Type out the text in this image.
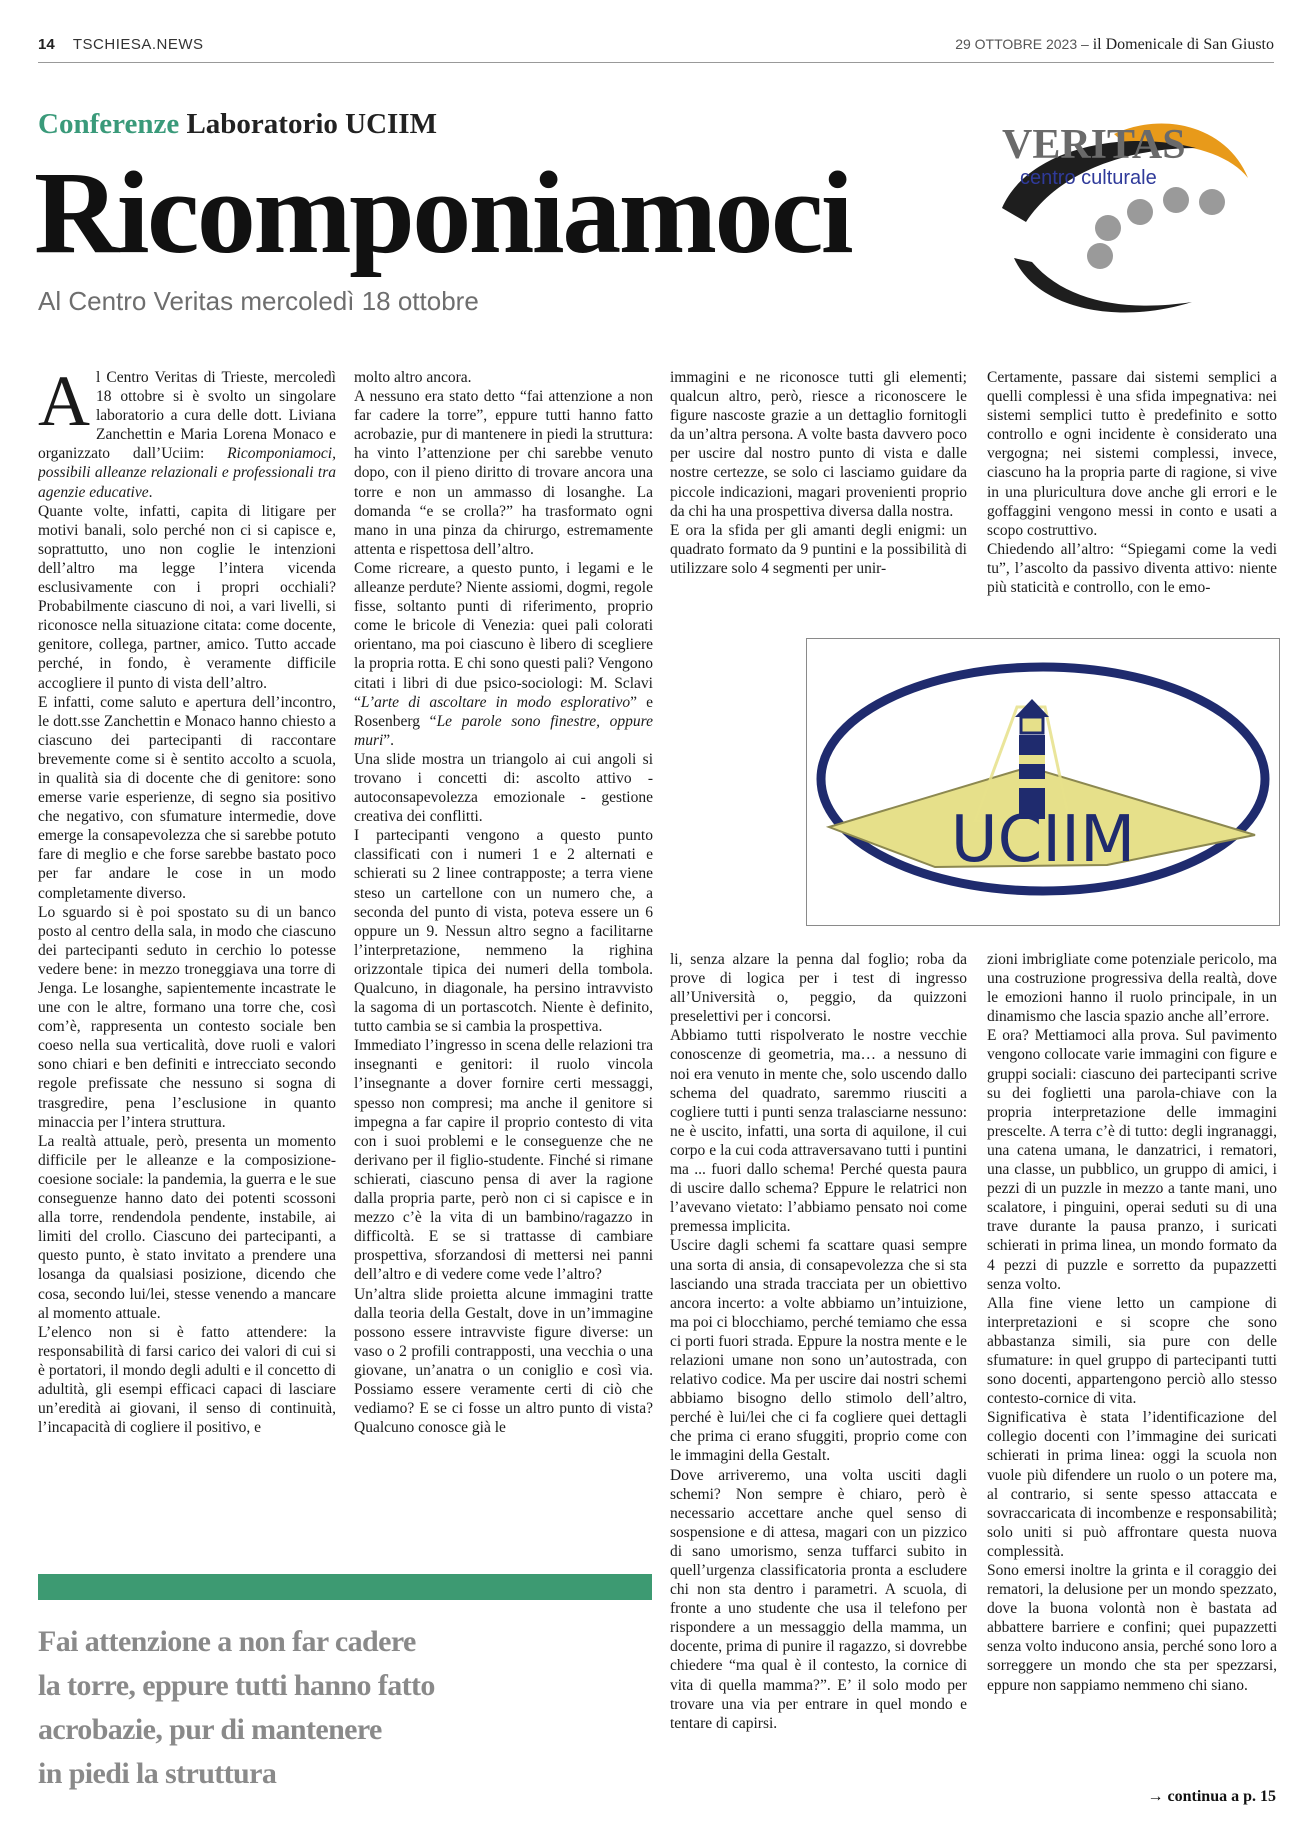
14 TSCHIESA.NEWS	29 OTTOBRE 2023 – il Domenicale di San Giusto
Conferenze Laboratorio UCIIM
Ricomponiamoci
Al Centro Veritas mercoledì 18 ottobre
VERITAS
centro culturale

Al Centro Veritas di Trieste, mercoledì 18 ottobre si è svolto un singolare laboratorio a cura delle dott. Liviana Zanchettin e Maria Lorena Monaco e organizzato dall’Uciim: Ricomponiamoci, possibili alleanze relazionali e professionali tra agenzie educative.

Quante volte, infatti, capita di litigare per motivi banali, solo perché non ci si capisce e, soprattutto, uno non coglie le intenzioni dell’altro ma legge l’intera vicenda esclusivamente con i propri occhiali? Probabilmente ciascuno di noi, a vari livelli, si riconosce nella situazione citata: come docente, genitore, collega, partner, amico. Tutto accade perché, in fondo, è veramente difficile accogliere il punto di vista dell’altro.

E infatti, come saluto e apertura dell’incontro, le dott.sse Zanchettin e Monaco hanno chiesto a ciascuno dei partecipanti di raccontare brevemente come si è sentito accolto a scuola, in qualità sia di docente che di genitore: sono emerse varie esperienze, di segno sia positivo che negativo, con sfumature intermedie, dove emerge la consapevolezza che si sarebbe potuto fare di meglio e che forse sarebbe bastato poco per far andare le cose in un modo completamente diverso.

Lo sguardo si è poi spostato su di un banco posto al centro della sala, in modo che ciascuno dei partecipanti seduto in cerchio lo potesse vedere bene: in mezzo troneggiava una torre di Jenga. Le losanghe, sapientemente incastrate le une con le altre, formano una torre che, così com’è, rappresenta un contesto sociale ben coeso nella sua verticalità, dove ruoli e valori sono chiari e ben definiti e intrecciato secondo regole prefissate che nessuno si sogna di trasgredire, pena l’esclusione in quanto minaccia per l’intera struttura.

La realtà attuale, però, presenta un momento difficile per le alleanze e la composizione-coesione sociale: la pandemia, la guerra e le sue conseguenze hanno dato dei potenti scossoni alla torre, rendendola pendente, instabile, ai limiti del crollo. Ciascuno dei partecipanti, a questo punto, è stato invitato a prendere una losanga da qualsiasi posizione, dicendo che cosa, secondo lui/lei, stesse venendo a mancare al momento attuale.

L’elenco non si è fatto attendere: la responsabilità di farsi carico dei valori di cui si è portatori, il mondo degli adulti e il concetto di adultità, gli esempi efficaci capaci di lasciare un’eredità ai giovani, il senso di continuità, l’incapacità di cogliere il positivo, e

molto altro ancora.

A nessuno era stato detto “fai attenzione a non far cadere la torre”, eppure tutti hanno fatto acrobazie, pur di mantenere in piedi la struttura: ha vinto l’attenzione per chi sarebbe venuto dopo, con il pieno diritto di trovare ancora una torre e non un ammasso di losanghe. La domanda “e se crolla?” ha trasformato ogni mano in una pinza da chirurgo, estremamente attenta e rispettosa dell’altro.

Come ricreare, a questo punto, i legami e le alleanze perdute? Niente assiomi, dogmi, regole fisse, soltanto punti di riferimento, proprio come le bricole di Venezia: quei pali colorati orientano, ma poi ciascuno è libero di scegliere la propria rotta. E chi sono questi pali? Vengono citati i libri di due psico-sociologi: M. Sclavi “L’arte di ascoltare in modo esplorativo” e Rosenberg “Le parole sono finestre, oppure muri”.

Una slide mostra un triangolo ai cui angoli si trovano i concetti di: ascolto attivo - autoconsapevolezza emozionale - gestione creativa dei conflitti.

I partecipanti vengono a questo punto classificati con i numeri 1 e 2 alternati e schierati su 2 linee contrapposte; a terra viene steso un cartellone con un numero che, a seconda del punto di vista, poteva essere un 6 oppure un 9. Nessun altro segno a facilitarne l’interpretazione, nemmeno la righina orizzontale tipica dei numeri della tombola. Qualcuno, in diagonale, ha persino intravvisto la sagoma di un portascotch. Niente è definito, tutto cambia se si cambia la prospettiva.

Immediato l’ingresso in scena delle relazioni tra insegnanti e genitori: il ruolo vincola l’insegnante a dover fornire certi messaggi, spesso non compresi; ma anche il genitore si impegna a far capire il proprio contesto di vita con i suoi problemi e le conseguenze che ne derivano per il figlio-studente. Finché si rimane schierati, ciascuno pensa di aver la ragione dalla propria parte, però non ci si capisce e in mezzo c’è la vita di un bambino/ragazzo in difficoltà. E se si trattasse di cambiare prospettiva, sforzandosi di mettersi nei panni dell’altro e di vedere come vede l’altro?

Un’altra slide proietta alcune immagini tratte dalla teoria della Gestalt, dove in un’immagine possono essere intravviste figure diverse: un vaso o 2 profili contrapposti, una vecchia o una giovane, un’anatra o un coniglio e così via. Possiamo essere veramente certi di ciò che vediamo? E se ci fosse un altro punto di vista? Qualcuno conosce già le

immagini e ne riconosce tutti gli elementi; qualcun altro, però, riesce a riconoscere le figure nascoste grazie a un dettaglio fornitogli da un’altra persona. A volte basta davvero poco per uscire dal nostro punto di vista e dalle nostre certezze, se solo ci lasciamo guidare da piccole indicazioni, magari provenienti proprio da chi ha una prospettiva diversa dalla nostra.

E ora la sfida per gli amanti degli enigmi: un quadrato formato da 9 puntini e la possibilità di utilizzare solo 4 segmenti per unir-

Certamente, passare dai sistemi semplici a quelli complessi è una sfida impegnativa: nei sistemi semplici tutto è predefinito e sotto controllo e ogni incidente è considerato una vergogna; nei sistemi complessi, invece, ciascuno ha la propria parte di ragione, si vive in una pluricultura dove anche gli errori e le goffaggini vengono messi in conto e usati a scopo costruttivo.

Chiedendo all’altro: “Spiegami come la vedi tu”, l’ascolto da passivo diventa attivo: niente più staticità e controllo, con le emo-

UCIIM

li, senza alzare la penna dal foglio; roba da prove di logica per i test di ingresso all’Università o, peggio, da quizzoni preselettivi per i concorsi.

Abbiamo tutti rispolverato le nostre vecchie conoscenze di geometria, ma… a nessuno di noi era venuto in mente che, solo uscendo dallo schema del quadrato, saremmo riusciti a cogliere tutti i punti senza tralasciarne nessuno: ne è uscito, infatti, una sorta di aquilone, il cui corpo e la cui coda attraversavano tutti i puntini ma ... fuori dallo schema! Perché questa paura di uscire dallo schema? Eppure le relatrici non l’avevano vietato: l’abbiamo pensato noi come premessa implicita.

Uscire dagli schemi fa scattare quasi sempre una sorta di ansia, di consapevolezza che si sta lasciando una strada tracciata per un obiettivo ancora incerto: a volte abbiamo un’intuizione, ma poi ci blocchiamo, perché temiamo che essa ci porti fuori strada. Eppure la nostra mente e le relazioni umane non sono un’autostrada, con relativo codice. Ma per uscire dai nostri schemi abbiamo bisogno dello stimolo dell’altro, perché è lui/lei che ci fa cogliere quei dettagli che prima ci erano sfuggiti, proprio come con le immagini della Gestalt.

Dove arriveremo, una volta usciti dagli schemi? Non sempre è chiaro, però è necessario accettare anche quel senso di sospensione e di attesa, magari con un pizzico di sano umorismo, senza tuffarci subito in quell’urgenza classificatoria pronta a escludere chi non sta dentro i parametri. A scuola, di fronte a uno studente che usa il telefono per rispondere a un messaggio della mamma, un docente, prima di punire il ragazzo, si dovrebbe chiedere “ma qual è il contesto, la cornice di vita di quella mamma?”. E’ il solo modo per trovare una via per entrare in quel mondo e tentare di capirsi.

zioni imbrigliate come potenziale pericolo, ma una costruzione progressiva della realtà, dove le emozioni hanno il ruolo principale, in un dinamismo che lascia spazio anche all’errore.

E ora? Mettiamoci alla prova. Sul pavimento vengono collocate varie immagini con figure e gruppi sociali: ciascuno dei partecipanti scrive su dei foglietti una parola-chiave con la propria interpretazione delle immagini prescelte. A terra c’è di tutto: degli ingranaggi, una catena umana, le danzatrici, i rematori, una classe, un pubblico, un gruppo di amici, i pezzi di un puzzle in mezzo a tante mani, uno scalatore, i pinguini, operai seduti su di una trave durante la pausa pranzo, i suricati schierati in prima linea, un mondo formato da 4 pezzi di puzzle e sorretto da pupazzetti senza volto.

Alla fine viene letto un campione di interpretazioni e si scopre che sono abbastanza simili, sia pure con delle sfumature: in quel gruppo di partecipanti tutti sono docenti, appartengono perciò allo stesso contesto-cornice di vita.

Significativa è stata l’identificazione del collegio docenti con l’immagine dei suricati schierati in prima linea: oggi la scuola non vuole più difendere un ruolo o un potere ma, al contrario, si sente spesso attaccata e sovraccaricata di incombenze e responsabilità; solo uniti si può affrontare questa nuova complessità.

Sono emersi inoltre la grinta e il coraggio dei rematori, la delusione per un mondo spezzato, dove la buona volontà non è bastata ad abbattere barriere e confini; quei pupazzetti senza volto inducono ansia, perché sono loro a sorreggere un mondo che sta per spezzarsi, eppure non sappiamo nemmeno chi siano.

Fai attenzione a non far cadere
la torre, eppure tutti hanno fatto
acrobazie, pur di mantenere
in piedi la struttura
→ continua a p. 15
